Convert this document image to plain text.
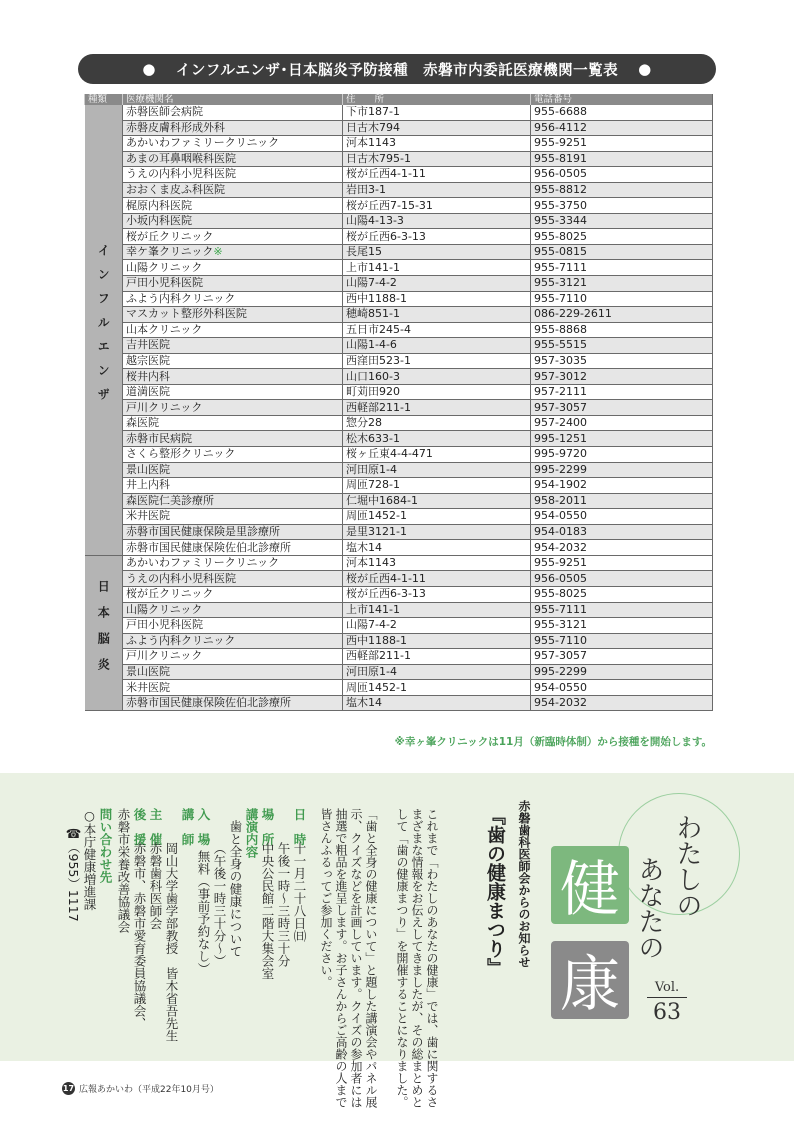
● インフルエンザ･日本脳炎予防接種　赤磐市内委託医療機関一覧表 ●
種類	医療機関名	住　　所	電話番号
インフルエンザ	赤磐医師会病院	下市187-1	955-6688
	赤磐皮膚科形成外科	日古木794	956-4112
	あかいわファミリークリニック	河本1143	955-9251
	あまの耳鼻咽喉科医院	日古木795-1	955-8191
	うえの内科小児科医院	桜が丘西4-1-11	956-0505
	おおくま皮ふ科医院	岩田3-1	955-8812
	梶原内科医院	桜が丘西7-15-31	955-3750
	小坂内科医院	山陽4-13-3	955-3344
	桜が丘クリニック	桜が丘西6-3-13	955-8025
	幸ケ峯クリニック※	長尾15	955-0815
	山陽クリニック	上市141-1	955-7111
	戸田小児科医院	山陽7-4-2	955-3121
	ふよう内科クリニック	西中1188-1	955-7110
	マスカット整形外科医院	穂崎851-1	086-229-2611
	山本クリニック	五日市245-4	955-8868
	吉井医院	山陽1-4-6	955-5515
	越宗医院	西窪田523-1	957-3035
	桜井内科	山口160-3	957-3012
	道満医院	町苅田920	957-2111
	戸川クリニック	西軽部211-1	957-3057
	森医院	惣分28	957-2400
	赤磐市民病院	松木633-1	995-1251
	さくら整形クリニック	桜ヶ丘東4-4-471	995-9720
	景山医院	河田原1-4	995-2299
	井上内科	周匝728-1	954-1902
	森医院仁美診療所	仁堀中1684-1	958-2011
	米井医院	周匝1452-1	954-0550
	赤磐市国民健康保険是里診療所	是里3121-1	954-0183
	赤磐市国民健康保険佐伯北診療所	塩木14	954-2032
日本脳炎	あかいわファミリークリニック	河本1143	955-9251
	うえの内科小児科医院	桜が丘西4-1-11	956-0505
	桜が丘クリニック	桜が丘西6-3-13	955-8025
	山陽クリニック	上市141-1	955-7111
	戸田小児科医院	山陽7-4-2	955-3121
	ふよう内科クリニック	西中1188-1	955-7110
	戸川クリニック	西軽部211-1	957-3057
	景山医院	河田原1-4	995-2299
	米井医院	周匝1452-1	954-0550
	赤磐市国民健康保険佐伯北診療所	塩木14	954-2032
※幸ヶ峯クリニックは11月（新臨時体制）から接種を開始します。
健
康
わたしの
あなたの
Vol.
63
赤磐歯科医師会からのお知らせ
『歯の健康まつり』
これまで「わたしのあなたの健康」では、歯に関するさまざまな情報をお伝えしてきましたが、その総まとめとして「歯の健康まつり」を開催することになりました。
「歯と全身の健康について」と題した講演会やパネル展示、クイズなどを計画しています。クイズの参加者には抽選で粗品を進呈します。お子さんからご高齢の人まで皆さんふるってご参加ください。
日　時
十一月二十八日㈰
午後一時～三時三十分
場　所
中央公民館二階大集会室
講演内容
歯と全身の健康について
（午後一時三十分～）
入　場
無料（事前予約なし）
講　師
岡山大学歯学部教授　皆木省吾先生
主　催
赤磐歯科医師会
後　援
赤磐市、赤磐市愛育委員協議会、
赤磐市栄養改善協議会
問い合わせ先
○本庁健康増進課
☎（955）1117
17 広報あかいわ（平成22年10月号）
